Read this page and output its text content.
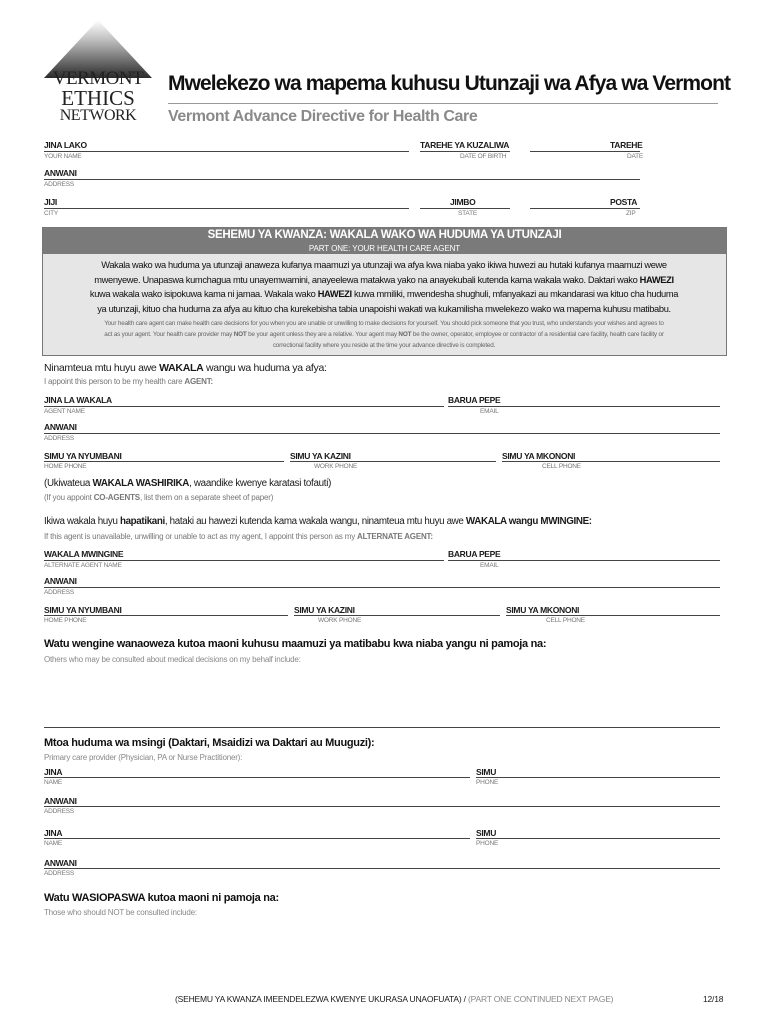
VERMONT
ETHICS
NETWORK
Mwelekezo wa mapema kuhusu Utunzaji wa Afya wa Vermont
Vermont Advance Directive for Health Care
JINA LAKO	TAREHE YA KUZALIWA	TAREHE
YOUR NAME	DATE OF BIRTH	DATE
ANWANI
ADDRESS
JIJI	JIMBO	POSTA
CITY	STATE	ZIP
SEHEMU YA KWANZA: WAKALA WAKO WA HUDUMA YA UTUNZAJI
PART ONE: YOUR HEALTH CARE AGENT
Wakala wako wa huduma ya utunzaji anaweza kufanya maamuzi ya utunzaji wa afya kwa niaba yako ikiwa huwezi au hutaki kufanya maamuzi wewe
mwenyewe. Unapaswa kumchagua mtu unayemwamini, anayeelewa matakwa yako na anayekubali kutenda kama wakala wako. Daktari wako HAWEZI
kuwa wakala wako isipokuwa kama ni jamaa. Wakala wako HAWEZI kuwa mmiliki, mwendesha shughuli, mfanyakazi au mkandarasi wa kituo cha huduma
ya utunzaji, kituo cha huduma za afya au kituo cha kurekebisha tabia unapoishi wakati wa kukamilisha mwelekezo wako wa mapema kuhusu matibabu.
Your health care agent can make health care decisions for you when you are unable or unwilling to make decisions for yourself. You should pick someone that you trust, who understands your wishes and agrees to
act as your agent. Your health care provider may NOT be your agent unless they are a relative. Your agent may NOT be the owner, operator, employee or contractor of a residential care facility, health care facility or
correctional facility where you reside at the time your advance directive is completed.
Ninamteua mtu huyu awe WAKALA wangu wa huduma ya afya:
I appoint this person to be my health care AGENT:
JINA LA WAKALA	BARUA PEPE
AGENT NAME	EMAIL
ANWANI
ADDRESS
SIMU YA NYUMBANI	SIMU YA KAZINI	SIMU YA MKONONI
HOME PHONE	WORK PHONE	CELL PHONE
(Ukiwateua WAKALA WASHIRIKA, waandike kwenye karatasi tofauti)
(If you appoint CO-AGENTS, list them on a separate sheet of paper)
Ikiwa wakala huyu hapatikani, hataki au hawezi kutenda kama wakala wangu, ninamteua mtu huyu awe WAKALA wangu MWINGINE:
If this agent is unavailable, unwilling or unable to act as my agent, I appoint this person as my ALTERNATE AGENT:
WAKALA MWINGINE	BARUA PEPE
ALTERNATE AGENT NAME	EMAIL
ANWANI
ADDRESS
SIMU YA NYUMBANI	SIMU YA KAZINI	SIMU YA MKONONI
HOME PHONE	WORK PHONE	CELL PHONE
Watu wengine wanaoweza kutoa maoni kuhusu maamuzi ya matibabu kwa niaba yangu ni pamoja na:
Others who may be consulted about medical decisions on my behalf include:
Mtoa huduma wa msingi (Daktari, Msaidizi wa Daktari au Muuguzi):
Primary care provider (Physician, PA or Nurse Practitioner):
JINA	SIMU
NAME	PHONE
ANWANI
ADDRESS
JINA	SIMU
NAME	PHONE
ANWANI
ADDRESS
Watu WASIOPASWA kutoa maoni ni pamoja na:
Those who should NOT be consulted include:
(SEHEMU YA KWANZA IMEENDELEZWA KWENYE UKURASA UNAOFUATA) / (PART ONE CONTINUED NEXT PAGE)	12/18
